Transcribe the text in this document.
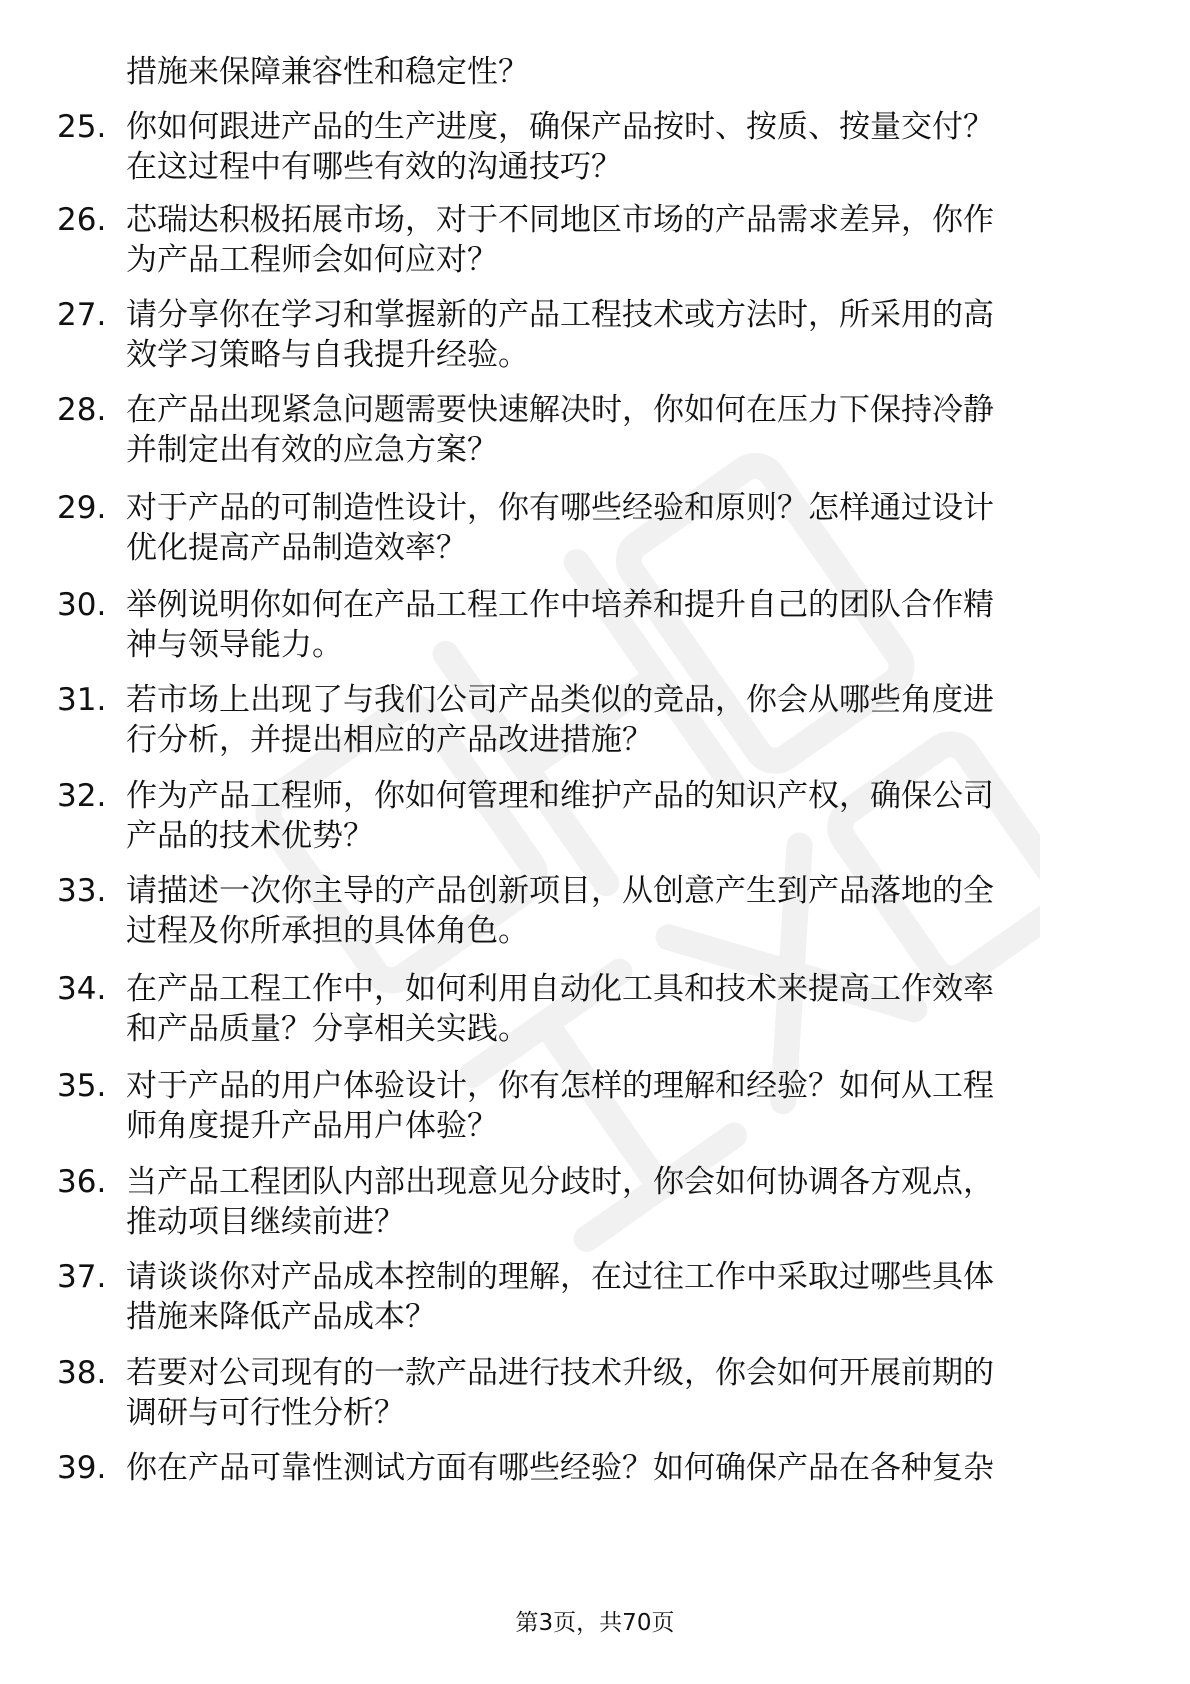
措施来保障兼容性和稳定性？
25. 你如何跟进产品的生产进度，确保产品按时、按质、按量交付？
在这过程中有哪些有效的沟通技巧？
26. 芯瑞达积极拓展市场，对于不同地区市场的产品需求差异，你作
为产品工程师会如何应对？
27. 请分享你在学习和掌握新的产品工程技术或方法时，所采用的高
效学习策略与自我提升经验。
28. 在产品出现紧急问题需要快速解决时，你如何在压力下保持冷静
并制定出有效的应急方案？
29. 对于产品的可制造性设计，你有哪些经验和原则？怎样通过设计
优化提高产品制造效率？
30. 举例说明你如何在产品工程工作中培养和提升自己的团队合作精
神与领导能力。
31. 若市场上出现了与我们公司产品类似的竞品，你会从哪些角度进
行分析，并提出相应的产品改进措施？
32. 作为产品工程师，你如何管理和维护产品的知识产权，确保公司
产品的技术优势？
33. 请描述一次你主导的产品创新项目，从创意产生到产品落地的全
过程及你所承担的具体角色。
34. 在产品工程工作中，如何利用自动化工具和技术来提高工作效率
和产品质量？分享相关实践。
35. 对于产品的用户体验设计，你有怎样的理解和经验？如何从工程
师角度提升产品用户体验？
36. 当产品工程团队内部出现意见分歧时，你会如何协调各方观点，
推动项目继续前进？
37. 请谈谈你对产品成本控制的理解，在过往工作中采取过哪些具体
措施来降低产品成本？
38. 若要对公司现有的一款产品进行技术升级，你会如何开展前期的
调研与可行性分析？
39. 你在产品可靠性测试方面有哪些经验？如何确保产品在各种复杂
第3页，共70页
